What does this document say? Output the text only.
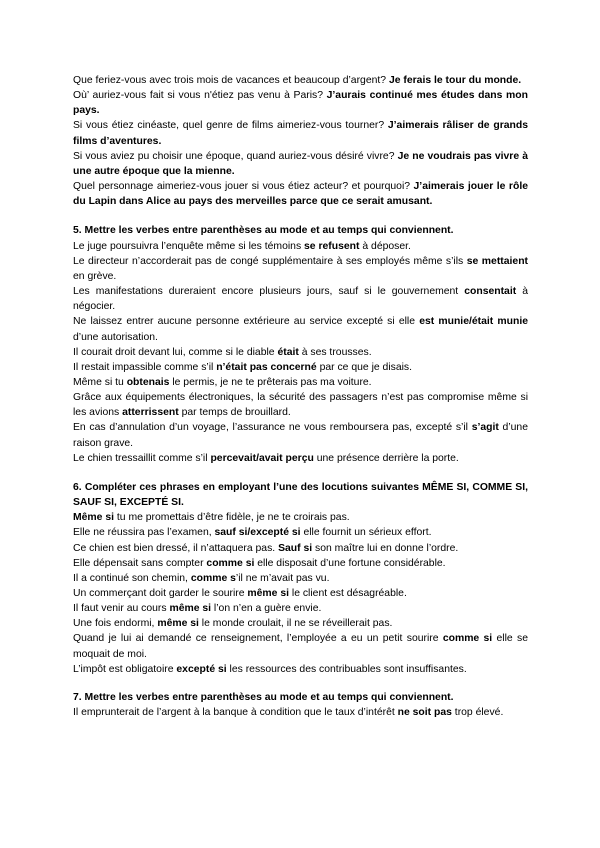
Que feriez-vous avec trois mois de vacances et beaucoup d’argent? Je ferais le tour du monde.

Où’ auriez-vous fait si vous n'étiez pas venu à Paris? J’aurais continué mes études dans mon pays.

Si vous étiez cinéaste, quel genre de films aimeriez-vous tourner? J’aimerais râliser de grands films d’aventures.

Si vous aviez pu choisir une époque, quand auriez-vous désiré vivre? Je ne voudrais pas vivre à une autre époque que la mienne.

Quel personnage aimeriez-vous jouer si vous étiez acteur? et pourquoi? J’aimerais jouer le rôle du Lapin dans Alice au pays des merveilles parce que ce serait amusant.

5. Mettre les verbes entre parenthèses au mode et au temps qui conviennent.

Le juge poursuivra l’enquête même si les témoins se refusent à déposer.

Le directeur n’accorderait pas de congé supplémentaire à ses employés même s’ils se mettaient en grève.

Les manifestations dureraient encore plusieurs jours, sauf si le gouvernement consentait à négocier.

Ne laissez entrer aucune personne extérieure au service excepté si elle est munie/était munie d’une autorisation.

Il courait droit devant lui, comme si le diable était à ses trousses.

Il restait impassible comme s’il n’était pas concerné par ce que je disais.

Même si tu obtenais le permis, je ne te prêterais pas ma voiture.

Grâce aux équipements électroniques, la sécurité des passagers n’est pas compromise même si les avions atterrissent par temps de brouillard.

En cas d’annulation d’un voyage, l’assurance ne vous remboursera pas, excepté s’il s’agit d’une raison grave.

Le chien tressaillit comme s’il percevait/avait perçu une présence derrière la porte.

6. Compléter ces phrases en employant l’une des locutions suivantes MÊME SI, COMME SI, SAUF SI, EXCEPTÉ SI.

Même si tu me promettais d’être fidèle, je ne te croirais pas.

Elle ne réussira pas l’examen, sauf si/excepté si elle fournit un sérieux effort.

Ce chien est bien dressé, il n’attaquera pas. Sauf si son maître lui en donne l’ordre.

Elle dépensait sans compter comme si elle disposait d’une fortune considérable.

Il a continué son chemin, comme s’il ne m’avait pas vu.

Un commerçant doit garder le sourire même si le client est désagréable.

Il faut venir au cours même si l’on n’en a guère envie.

Une fois endormi, même si le monde croulait, il ne se réveillerait pas.

Quand je lui ai demandé ce renseignement, l’employée a eu un petit sourire comme si elle se moquait de moi.

L’impôt est obligatoire excepté si les ressources des contribuables sont insuffisantes.

7. Mettre les verbes entre parenthèses au mode et au temps qui conviennent.

Il emprunterait de l’argent à la banque à condition que le taux d’intérêt ne soit pas trop élevé.
